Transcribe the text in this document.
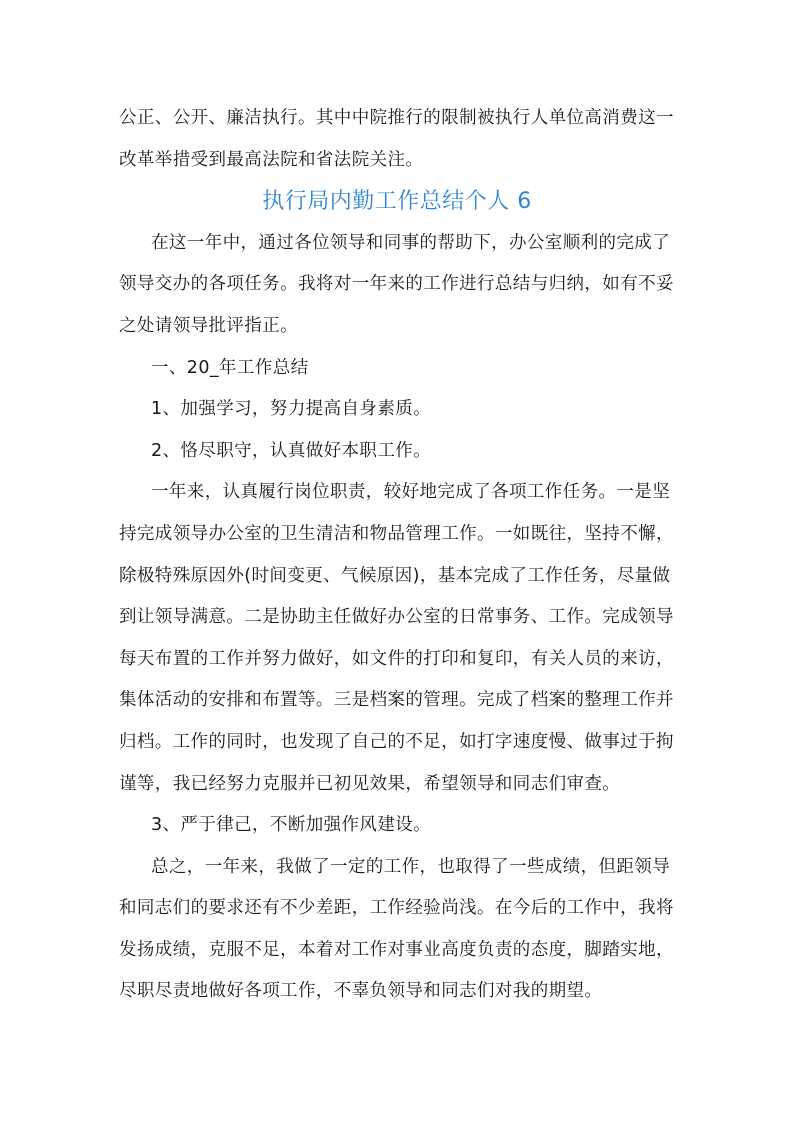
公正、公开、廉洁执行。其中中院推行的限制被执行人单位高消费这一
改革举措受到最高法院和省法院关注。
执行局内勤工作总结个人 6
在这一年中，通过各位领导和同事的帮助下，办公室顺利的完成了
领导交办的各项任务。我将对一年来的工作进行总结与归纳，如有不妥
之处请领导批评指正。
一、20_年工作总结
1、加强学习，努力提高自身素质。
2、恪尽职守，认真做好本职工作。
一年来，认真履行岗位职责，较好地完成了各项工作任务。一是坚
持完成领导办公室的卫生清洁和物品管理工作。一如既往，坚持不懈，
除极特殊原因外(时间变更、气候原因)，基本完成了工作任务，尽量做
到让领导满意。二是协助主任做好办公室的日常事务、工作。完成领导
每天布置的工作并努力做好，如文件的打印和复印，有关人员的来访，
集体活动的安排和布置等。三是档案的管理。完成了档案的整理工作并
归档。工作的同时，也发现了自己的不足，如打字速度慢、做事过于拘
谨等，我已经努力克服并已初见效果，希望领导和同志们审查。
3、严于律己，不断加强作风建设。
总之，一年来，我做了一定的工作，也取得了一些成绩，但距领导
和同志们的要求还有不少差距，工作经验尚浅。在今后的工作中，我将
发扬成绩，克服不足，本着对工作对事业高度负责的态度，脚踏实地，
尽职尽责地做好各项工作，不辜负领导和同志们对我的期望。
